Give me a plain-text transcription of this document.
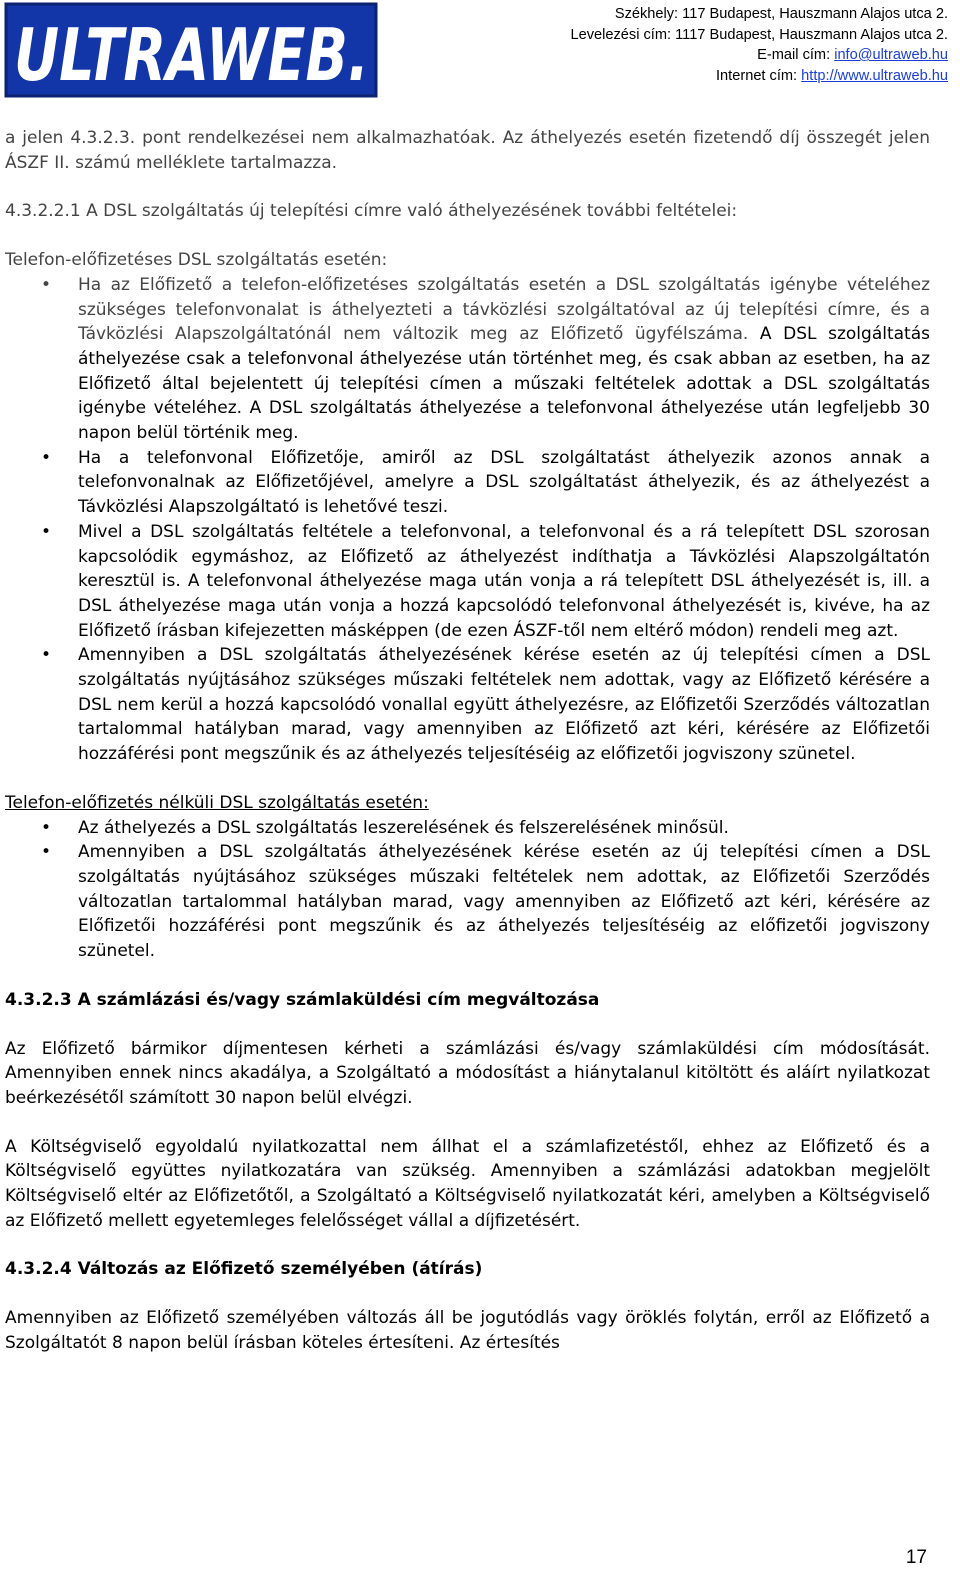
ULTRAWEB.	Székhely: 117 Budapest, Hauszmann Alajos utca 2.
Levelezési cím: 1117 Budapest, Hauszmann Alajos utca 2.
E-mail cím: info@ultraweb.hu
Internet cím: http://www.ultraweb.hu

a jelen 4.3.2.3. pont rendelkezései nem alkalmazhatóak. Az áthelyezés esetén fizetendő díj összegét jelen ÁSZF II. számú melléklete tartalmazza.

4.3.2.2.1 A DSL szolgáltatás új telepítési címre való áthelyezésének további feltételei:

Telefon-előfizetéses DSL szolgáltatás esetén:

• Ha az Előfizető a telefon-előfizetéses szolgáltatás esetén a DSL szolgáltatás igénybe vételéhez szükséges telefonvonalat is áthelyezteti a távközlési szolgáltatóval az új telepítési címre, és a Távközlési Alapszolgáltatónál nem változik meg az Előfizető ügyfélszáma. A DSL szolgáltatás áthelyezése csak a telefonvonal áthelyezése után történhet meg, és csak abban az esetben, ha az Előfizető által bejelentett új telepítési címen a műszaki feltételek adottak a DSL szolgáltatás igénybe vételéhez. A DSL szolgáltatás áthelyezése a telefonvonal áthelyezése után legfeljebb 30 napon belül történik meg.
• Ha a telefonvonal Előfizetője, amiről az DSL szolgáltatást áthelyezik azonos annak a telefonvonalnak az Előfizetőjével, amelyre a DSL szolgáltatást áthelyezik, és az áthelyezést a Távközlési Alapszolgáltató is lehetővé teszi.
• Mivel a DSL szolgáltatás feltétele a telefonvonal, a telefonvonal és a rá telepített DSL szorosan kapcsolódik egymáshoz, az Előfizető az áthelyezést indíthatja a Távközlési Alapszolgáltatón keresztül is. A telefonvonal áthelyezése maga után vonja a rá telepített DSL áthelyezését is, ill. a DSL áthelyezése maga után vonja a hozzá kapcsolódó telefonvonal áthelyezését is, kivéve, ha az Előfizető írásban kifejezetten másképpen (de ezen ÁSZF-től nem eltérő módon) rendeli meg azt.
• Amennyiben a DSL szolgáltatás áthelyezésének kérése esetén az új telepítési címen a DSL szolgáltatás nyújtásához szükséges műszaki feltételek nem adottak, vagy az Előfizető kérésére a DSL nem kerül a hozzá kapcsolódó vonallal együtt áthelyezésre, az Előfizetői Szerződés változatlan tartalommal hatályban marad, vagy amennyiben az Előfizető azt kéri, kérésére az Előfizetői hozzáférési pont megszűnik és az áthelyezés teljesítéséig az előfizetői jogviszony szünetel.

Telefon-előfizetés nélküli DSL szolgáltatás esetén:

• Az áthelyezés a DSL szolgáltatás leszerelésének és felszerelésének minősül.
• Amennyiben a DSL szolgáltatás áthelyezésének kérése esetén az új telepítési címen a DSL szolgáltatás nyújtásához szükséges műszaki feltételek nem adottak, az Előfizetői Szerződés változatlan tartalommal hatályban marad, vagy amennyiben az Előfizető azt kéri, kérésére az Előfizetői hozzáférési pont megszűnik és az áthelyezés teljesítéséig az előfizetői jogviszony szünetel.

4.3.2.3 A számlázási és/vagy számlaküldési cím megváltozása

Az Előfizető bármikor díjmentesen kérheti a számlázási és/vagy számlaküldési cím módosítását. Amennyiben ennek nincs akadálya, a Szolgáltató a módosítást a hiánytalanul kitöltött és aláírt nyilatkozat beérkezésétől számított 30 napon belül elvégzi.

A Költségviselő egyoldalú nyilatkozattal nem állhat el a számlafizetéstől, ehhez az Előfizető és a Költségviselő együttes nyilatkozatára van szükség. Amennyiben a számlázási adatokban megjelölt Költségviselő eltér az Előfizetőtől, a Szolgáltató a Költségviselő nyilatkozatát kéri, amelyben a Költségviselő az Előfizető mellett egyetemleges felelősséget vállal a díjfizetésért.

4.3.2.4 Változás az Előfizető személyében (átírás)

Amennyiben az Előfizető személyében változás áll be jogutódlás vagy öröklés folytán, erről az Előfizető a Szolgáltatót 8 napon belül írásban köteles értesíteni. Az értesítés

17
